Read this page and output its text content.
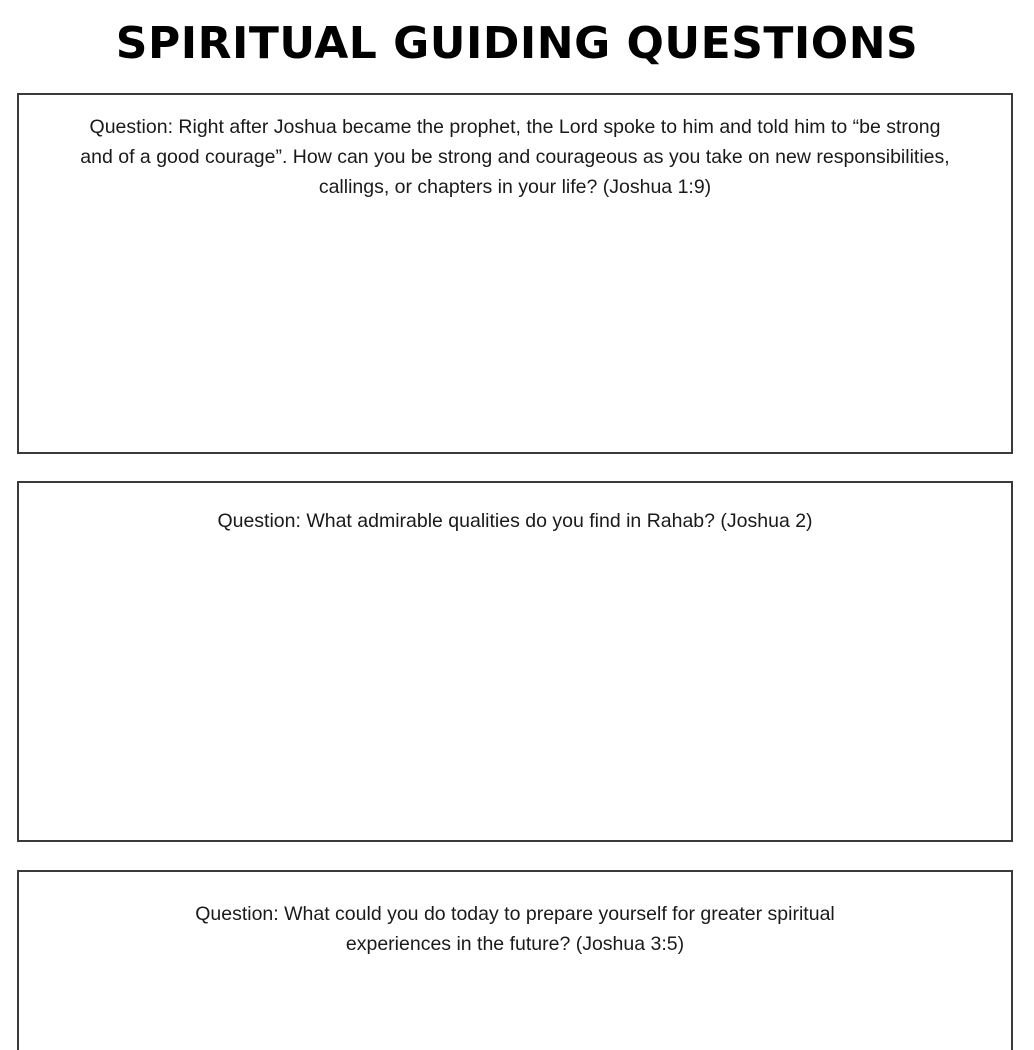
SPIRITUAL GUIDING QUESTIONS

Question: Right after Joshua became the prophet, the Lord spoke to him and told him to “be strong and of a good courage”. How can you be strong and courageous as you take on new responsibilities, callings, or chapters in your life? (Joshua 1:9)

Question: What admirable qualities do you find in Rahab? (Joshua 2)

Question: What could you do today to prepare yourself for greater spiritual experiences in the future? (Joshua 3:5)
